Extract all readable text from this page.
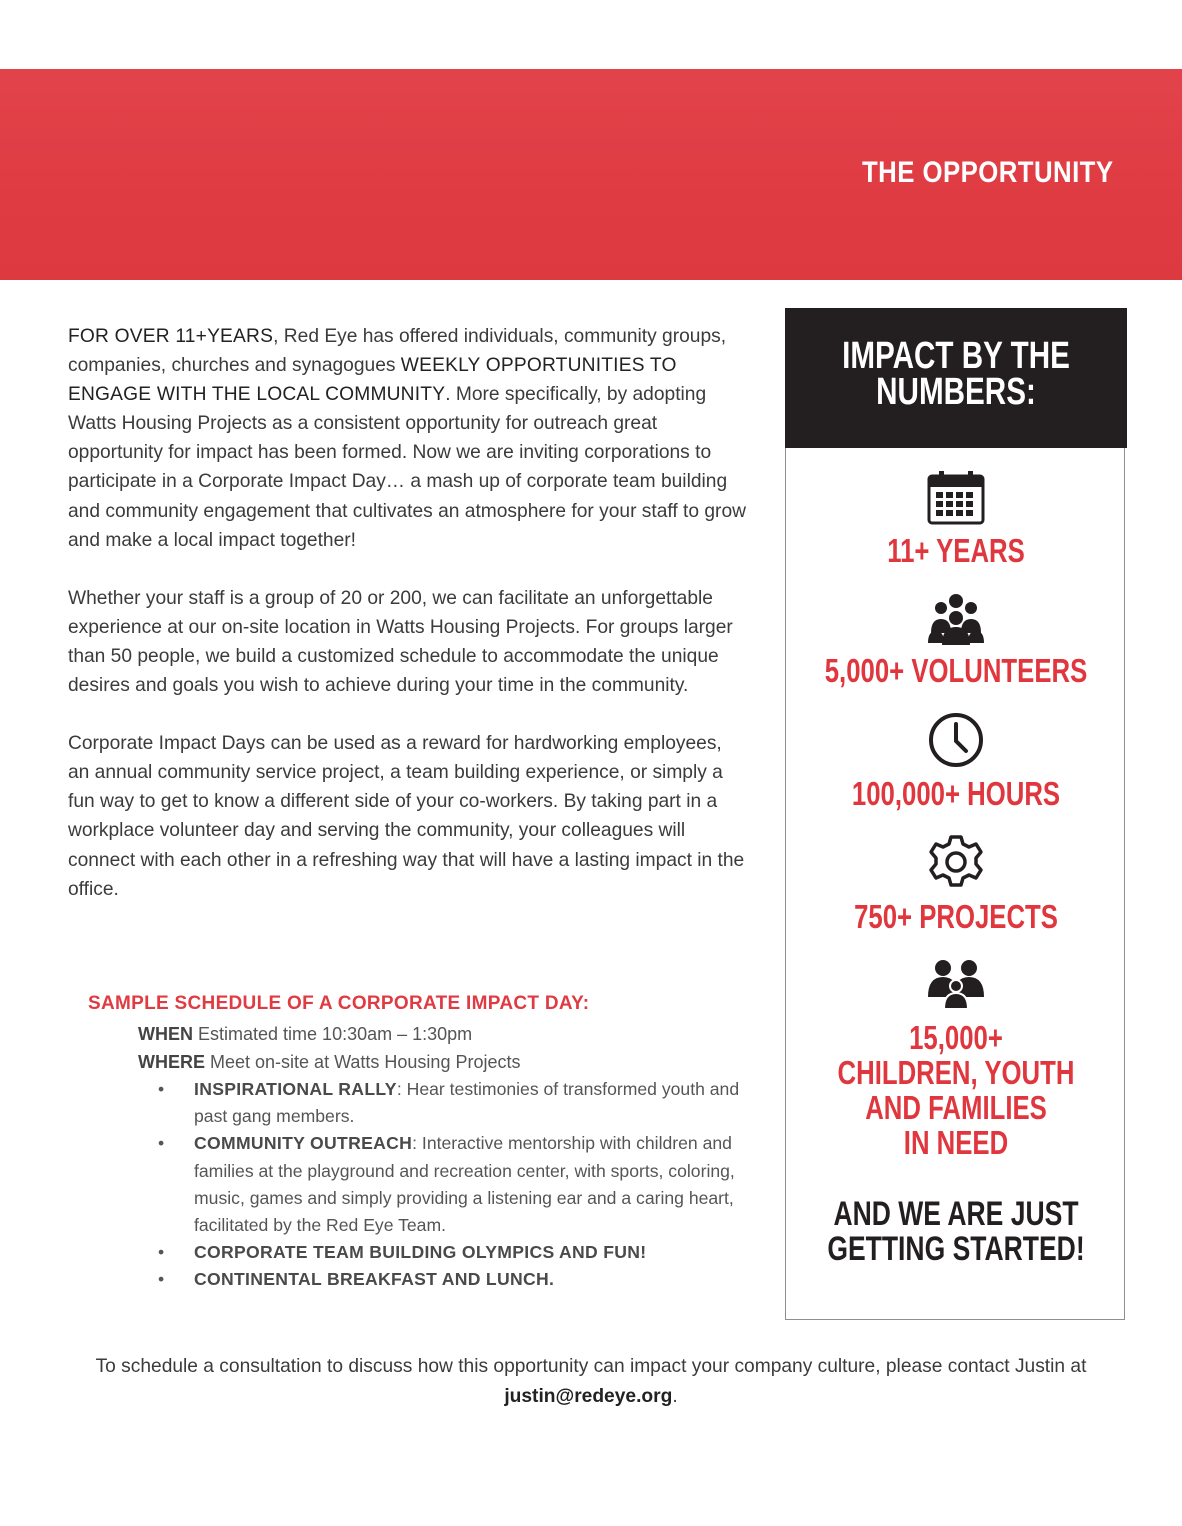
THE OPPORTUNITY

FOR OVER 11+YEARS, Red Eye has offered individuals, community groups, companies, churches and synagogues WEEKLY OPPORTUNITIES TO ENGAGE WITH THE LOCAL COMMUNITY. More specifically, by adopting Watts Housing Projects as a consistent opportunity for outreach great opportunity for impact has been formed. Now we are inviting corporations to participate in a Corporate Impact Day… a mash up of corporate team building and community engagement that cultivates an atmosphere for your staff to grow and make a local impact together!

Whether your staff is a group of 20 or 200, we can facilitate an unforgettable experience at our on-site location in Watts Housing Projects. For groups larger than 50 people, we build a customized schedule to accommodate the unique desires and goals you wish to achieve during your time in the community.

Corporate Impact Days can be used as a reward for hardworking employees, an annual community service project, a team building experience, or simply a fun way to get to know a different side of your co-workers. By taking part in a workplace volunteer day and serving the community, your colleagues will connect with each other in a refreshing way that will have a lasting impact in the office.

SAMPLE SCHEDULE OF A CORPORATE IMPACT DAY:
WHEN Estimated time 10:30am – 1:30pm
WHERE Meet on-site at Watts Housing Projects
• INSPIRATIONAL RALLY: Hear testimonies of transformed youth and past gang members.
• COMMUNITY OUTREACH: Interactive mentorship with children and families at the playground and recreation center, with sports, coloring, music, games and simply providing a listening ear and a caring heart, facilitated by the Red Eye Team.
• CORPORATE TEAM BUILDING OLYMPICS AND FUN!
• CONTINENTAL BREAKFAST AND LUNCH.
To schedule a consultation to discuss how this opportunity can impact your company culture, please contact Justin at justin@redeye.org.
IMPACT BY THE
NUMBERS:
11+ YEARS
5,000+ VOLUNTEERS
100,000+ HOURS
750+ PROJECTS
15,000+
CHILDREN, YOUTH
AND FAMILIES
IN NEED
AND WE ARE JUST
GETTING STARTED!
